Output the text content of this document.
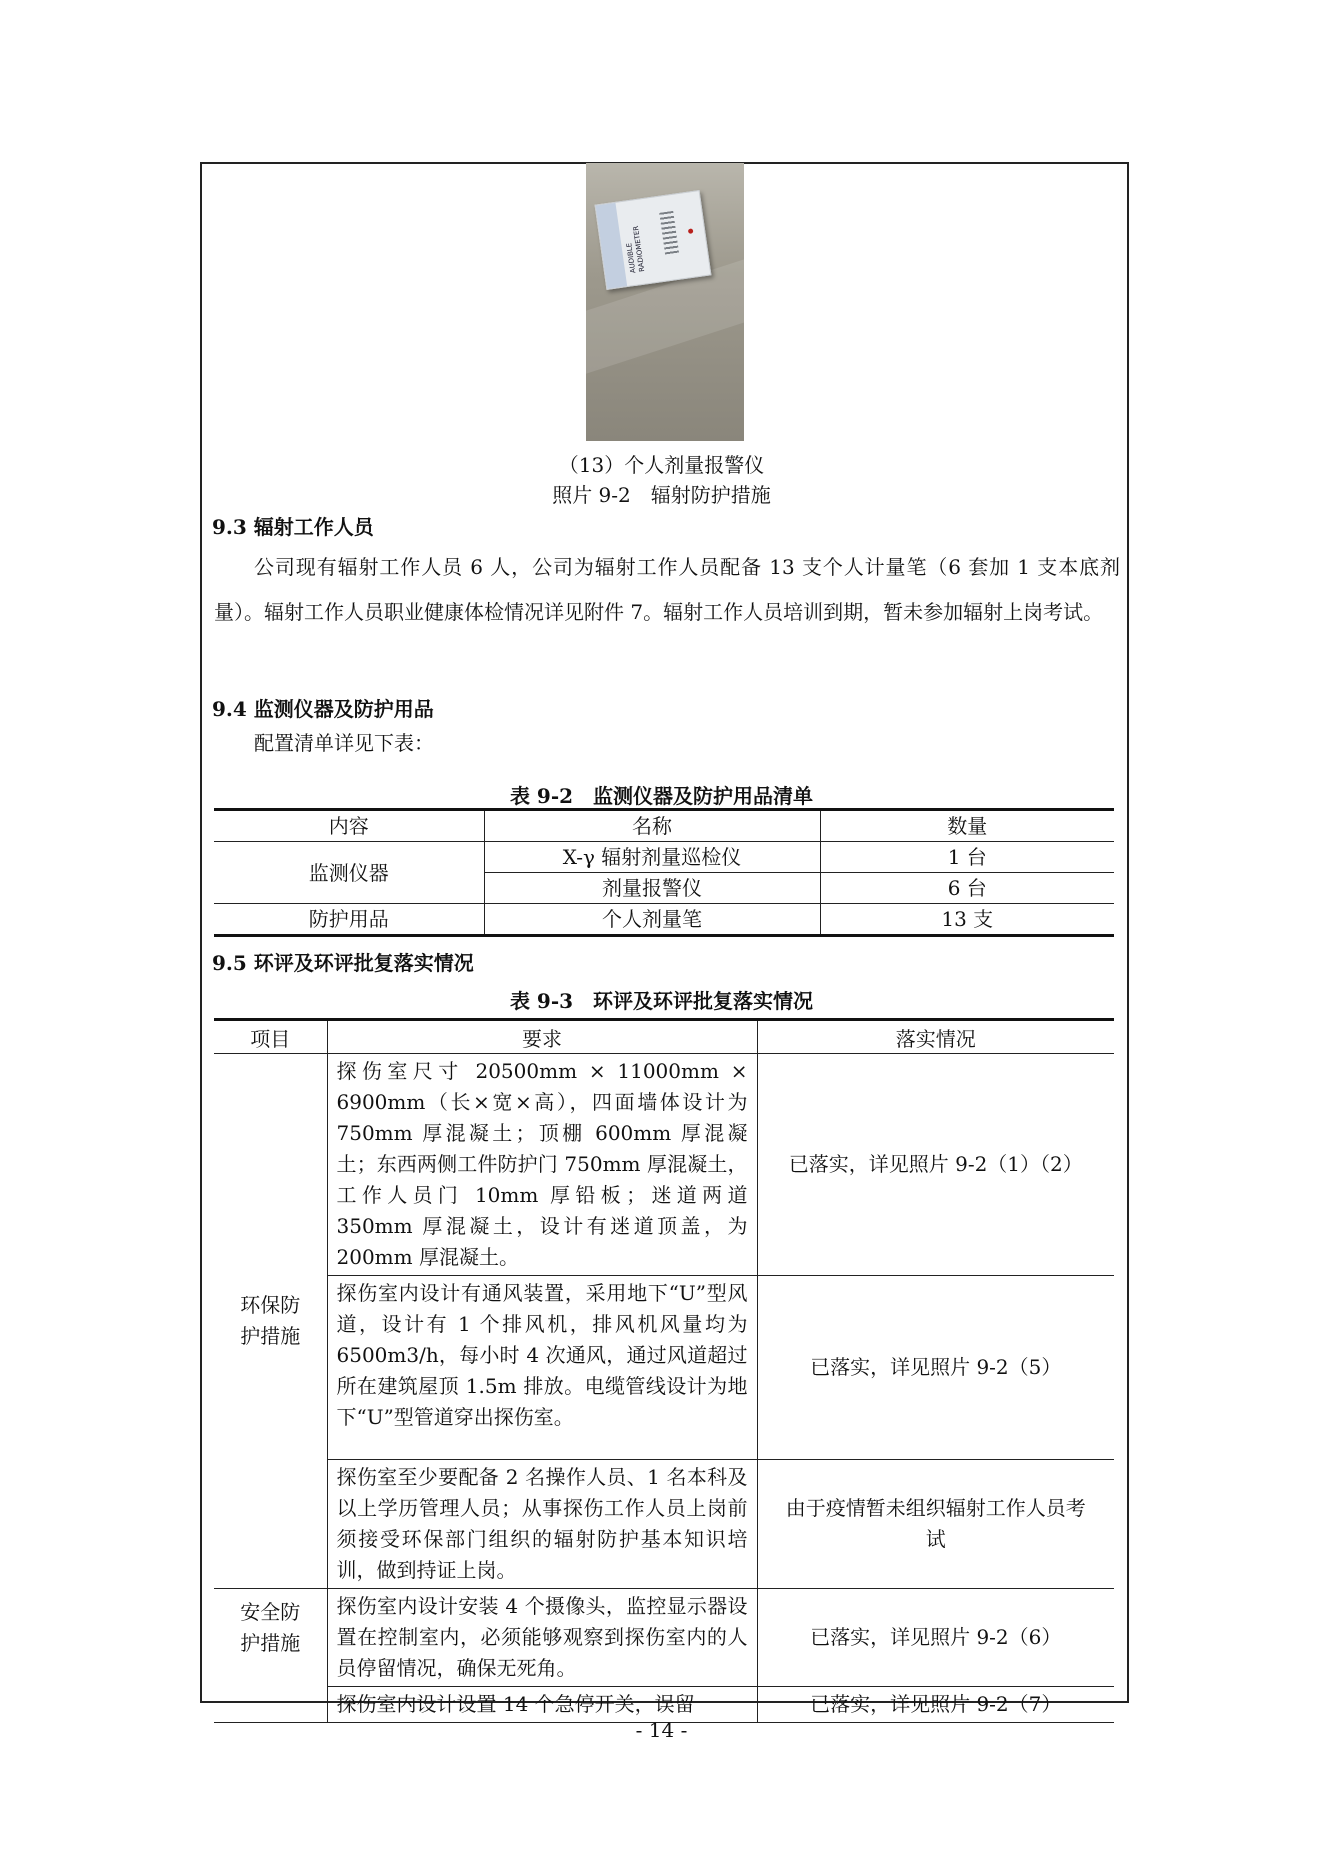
AUDIBLE RADIOMETER
（13）个人剂量报警仪
照片 9-2　辐射防护措施
9.3 辐射工作人员
公司现有辐射工作人员 6 人，公司为辐射工作人员配备 13 支个人计量笔（6 套加 1 支本底剂量）。辐射工作人员职业健康体检情况详见附件 7。辐射工作人员培训到期，暂未参加辐射上岗考试。
9.4 监测仪器及防护用品
配置清单详见下表：
表 9-2　监测仪器及防护用品清单
内容	名称	数量
监测仪器	X-γ 辐射剂量巡检仪	1 台
	剂量报警仪	6 台
防护用品	个人剂量笔	13 支
9.5 环评及环评批复落实情况
表 9-3　环评及环评批复落实情况
项目	要求	落实情况
环保防护措施	探伤室尺寸 20500mm × 11000mm × 6900mm（长×宽×高），四面墙体设计为 750mm 厚混凝土；顶棚 600mm 厚混凝土；东西两侧工件防护门 750mm 厚混凝土，工作人员门 10mm 厚铅板；迷道两道 350mm 厚混凝土，设计有迷道顶盖，为 200mm 厚混凝土。	已落实，详见照片 9-2（1）（2）
	探伤室内设计有通风装置，采用地下“U”型风道，设计有 1 个排风机，排风机风量均为 6500m3/h，每小时 4 次通风，通过风道超过所在建筑屋顶 1.5m 排放。电缆管线设计为地下“U”型管道穿出探伤室。	已落实，详见照片 9-2（5）
	探伤室至少要配备 2 名操作人员、1 名本科及以上学历管理人员；从事探伤工作人员上岗前须接受环保部门组织的辐射防护基本知识培训，做到持证上岗。	由于疫情暂未组织辐射工作人员考试
安全防护措施	探伤室内设计安装 4 个摄像头，监控显示器设置在控制室内，必须能够观察到探伤室内的人员停留情况，确保无死角。	已落实，详见照片 9-2（6）
	探伤室内设计设置 14 个急停开关，误留	已落实，详见照片 9-2（7）
- 14 -
